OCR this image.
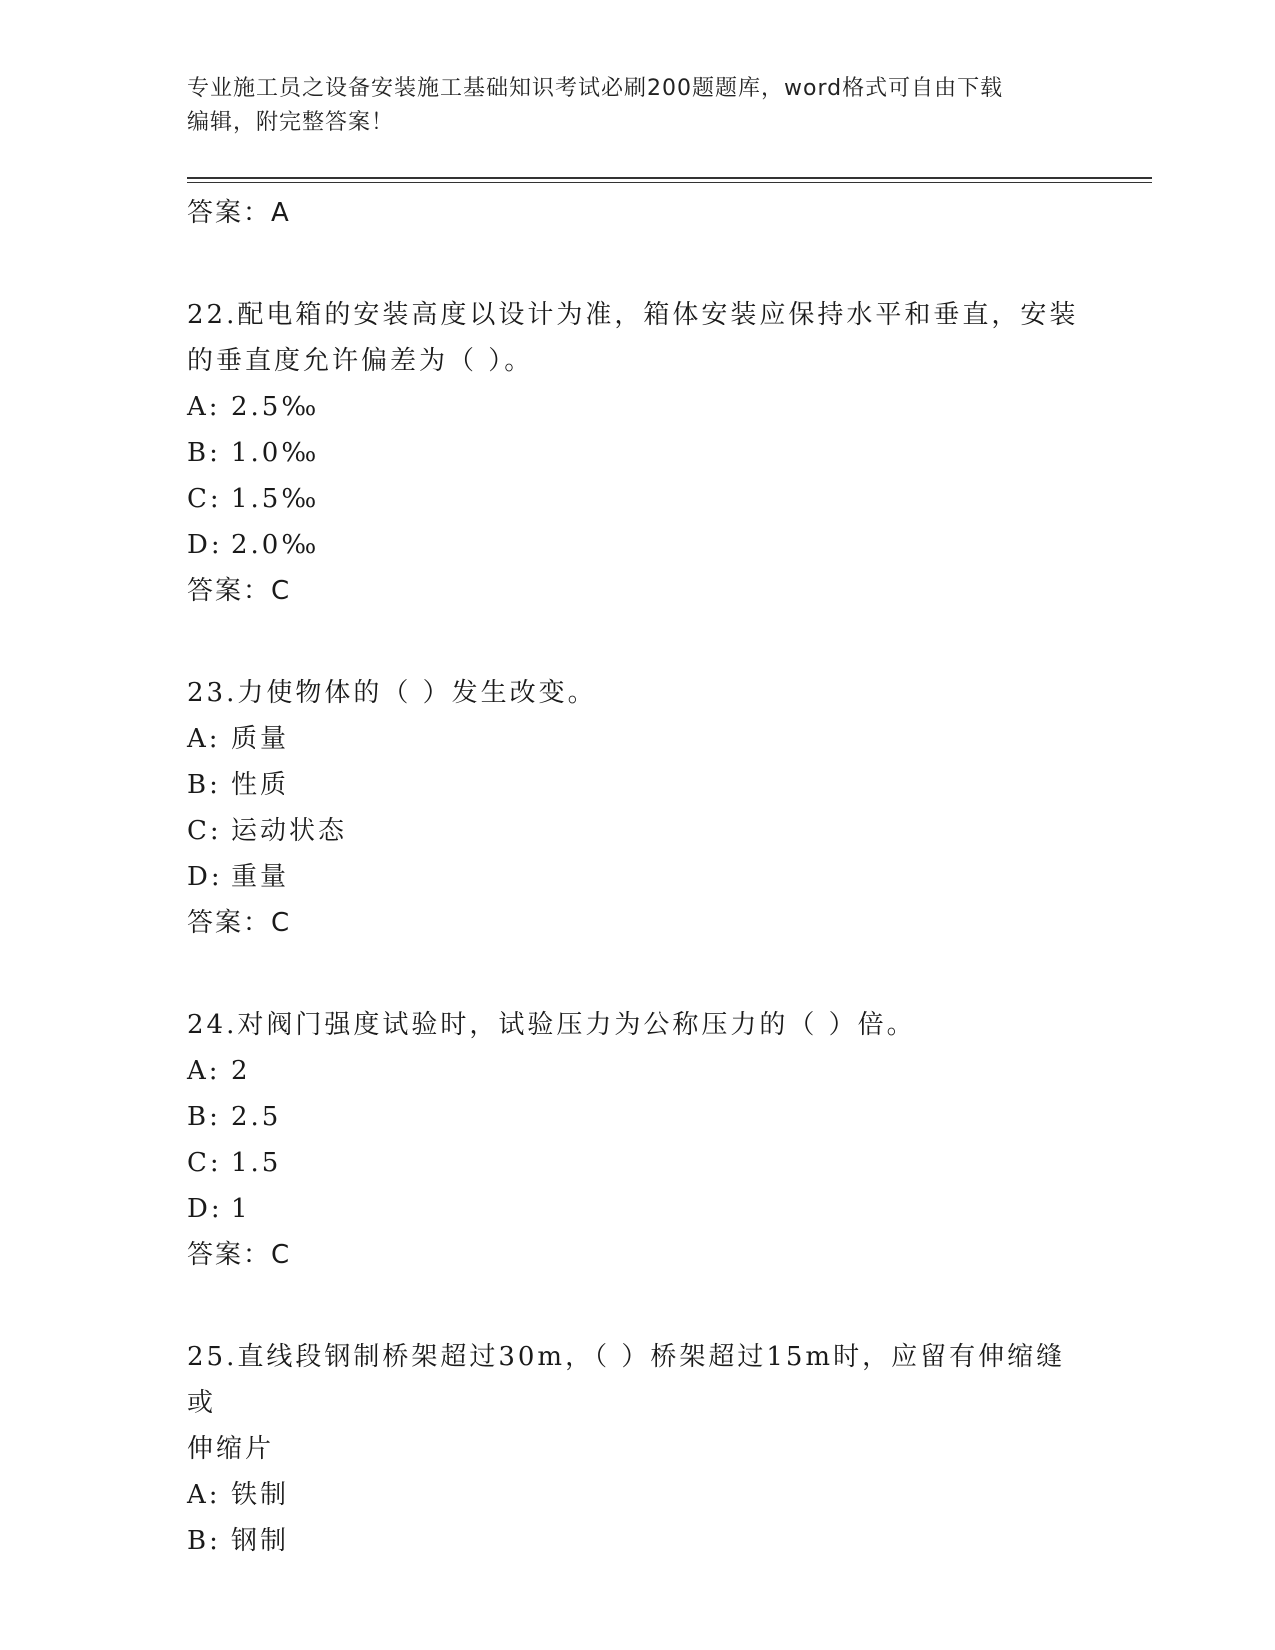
专业施工员之设备安装施工基础知识考试必刷200题题库，word格式可自由下载
编辑，附完整答案！
答案：A
22.配电箱的安装高度以设计为准，箱体安装应保持水平和垂直，安装
的垂直度允许偏差为（ ）。
A: 2.5‰
B: 1.0‰
C: 1.5‰
D: 2.0‰
答案：C
23.力使物体的（ ）发生改变。
A: 质量
B: 性质
C: 运动状态
D: 重量
答案：C
24.对阀门强度试验时，试验压力为公称压力的（ ）倍。
A: 2
B: 2.5
C: 1.5
D: 1
答案：C
25.直线段钢制桥架超过30m，（ ）桥架超过15m时，应留有伸缩缝或
伸缩片
A: 铁制
B: 钢制
